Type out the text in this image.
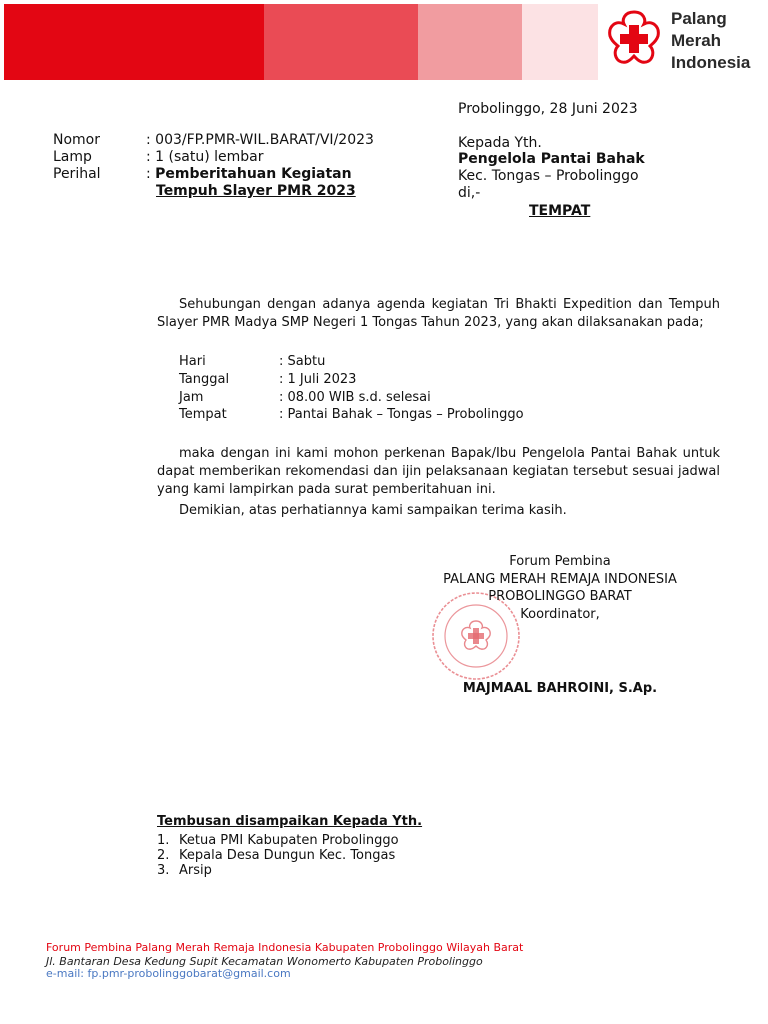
Palang
Merah
Indonesia
Probolinggo, 28 Juni 2023
Nomor	: 003/FP.PMR-WIL.BARAT/VI/2023
Lamp	: 1 (satu) lembar
Perihal	: Pemberitahuan Kegiatan
Tempuh Slayer PMR 2023
Kepada Yth.
Pengelola Pantai Bahak
Kec. Tongas – Probolinggo
di,-
TEMPAT
Sehubungan dengan adanya agenda kegiatan Tri Bhakti Expedition dan Tempuh Slayer PMR Madya SMP Negeri 1 Tongas Tahun 2023, yang akan dilaksanakan pada;
Hari	: Sabtu
Tanggal	: 1 Juli 2023
Jam	: 08.00 WIB s.d. selesai
Tempat	: Pantai Bahak – Tongas – Probolinggo
maka dengan ini kami mohon perkenan Bapak/Ibu Pengelola Pantai Bahak untuk dapat memberikan rekomendasi dan ijin pelaksanaan kegiatan tersebut sesuai jadwal yang kami lampirkan pada surat pemberitahuan ini.
Demikian, atas perhatiannya kami sampaikan terima kasih.
Forum Pembina
PALANG MERAH REMAJA INDONESIA
PROBOLINGGO BARAT
Koordinator,
MAJMAAL BAHROINI, S.Ap.
Tembusan disampaikan Kepada Yth.
1. Ketua PMI Kabupaten Probolinggo
2. Kepala Desa Dungun Kec. Tongas
3. Arsip
Forum Pembina Palang Merah Remaja Indonesia Kabupaten Probolinggo Wilayah Barat
Jl. Bantaran Desa Kedung Supit Kecamatan Wonomerto Kabupaten Probolinggo
e-mail: fp.pmr-probolinggobarat@gmail.com
